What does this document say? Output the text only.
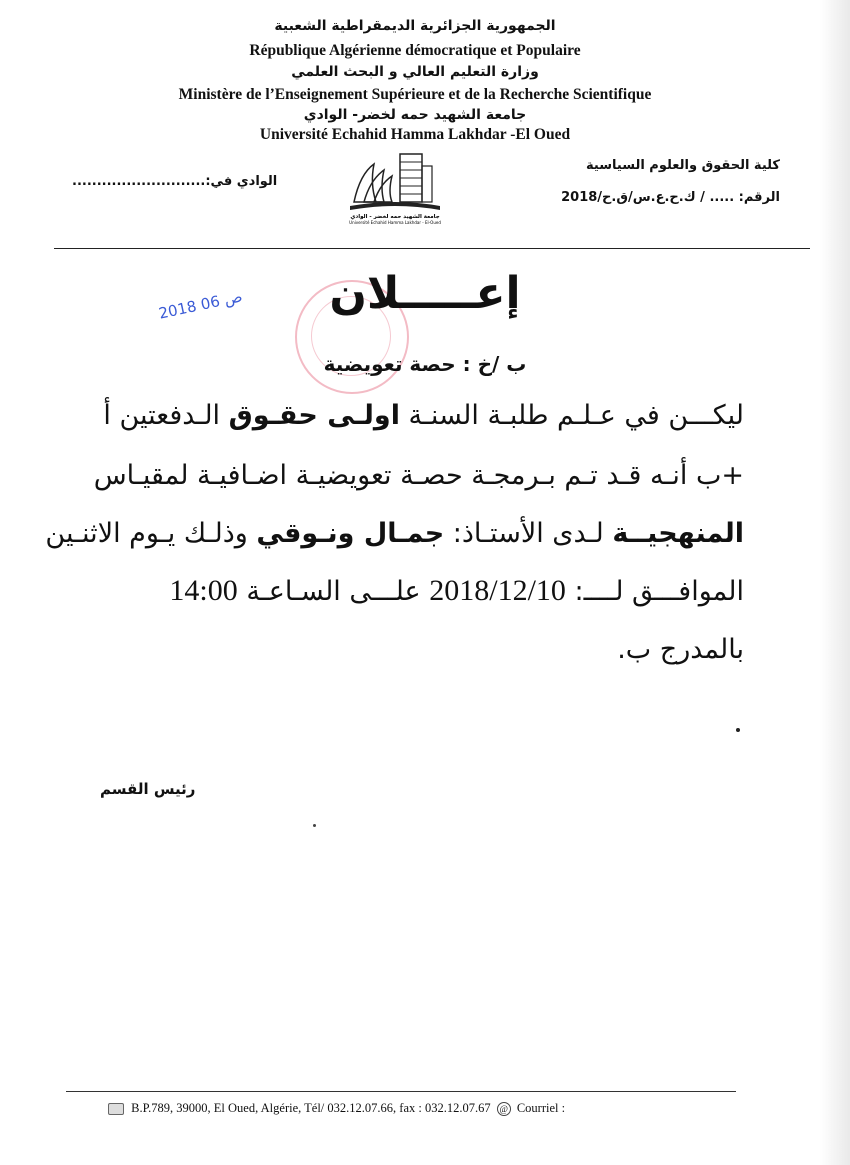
الجمهورية الجزائرية الديمقراطية الشعبية
République Algérienne démocratique et Populaire
وزارة التعليم العالي و البحث العلمي
Ministère de l’Enseignement Supérieure et de la Recherche Scientifique
جامعة الشهيد حمه لخضر- الوادي
Université Echahid Hamma Lakhdar -El Oued
كلية الحقوق والعلوم السياسية
الرقم: ..... / ك.ح.ع.س/ق.ح/2018
الوادي في:...........................
جامعة الشهيد حمه لخضر - الوادي
Université Echahid Hamma Lakhdar - El-Oued
2018 ص 06	إعـــــلان
ب /خ : حصة تعويضية
ليكـــن في عـلـم طلبـة السنـة اولـى حقـوق الـدفعتين أ
+ب أنـه قـد تـم بـرمجـة حصـة تعويضيـة اضـافيـة لمقيـاس
المنهجيــة لـدى الأستـاذ: جمـال ونـوقي وذلـك يـوم الاثنـين
الموافـــق لــــ: 2018/12/10 علـــى السـاعـة 14:00
بالمدرج ب.
رئيس القسم
B.P.789, 39000, El Oued, Algérie, Tél/ 032.12.07.66, fax : 032.12.07.67 @ Courriel :
